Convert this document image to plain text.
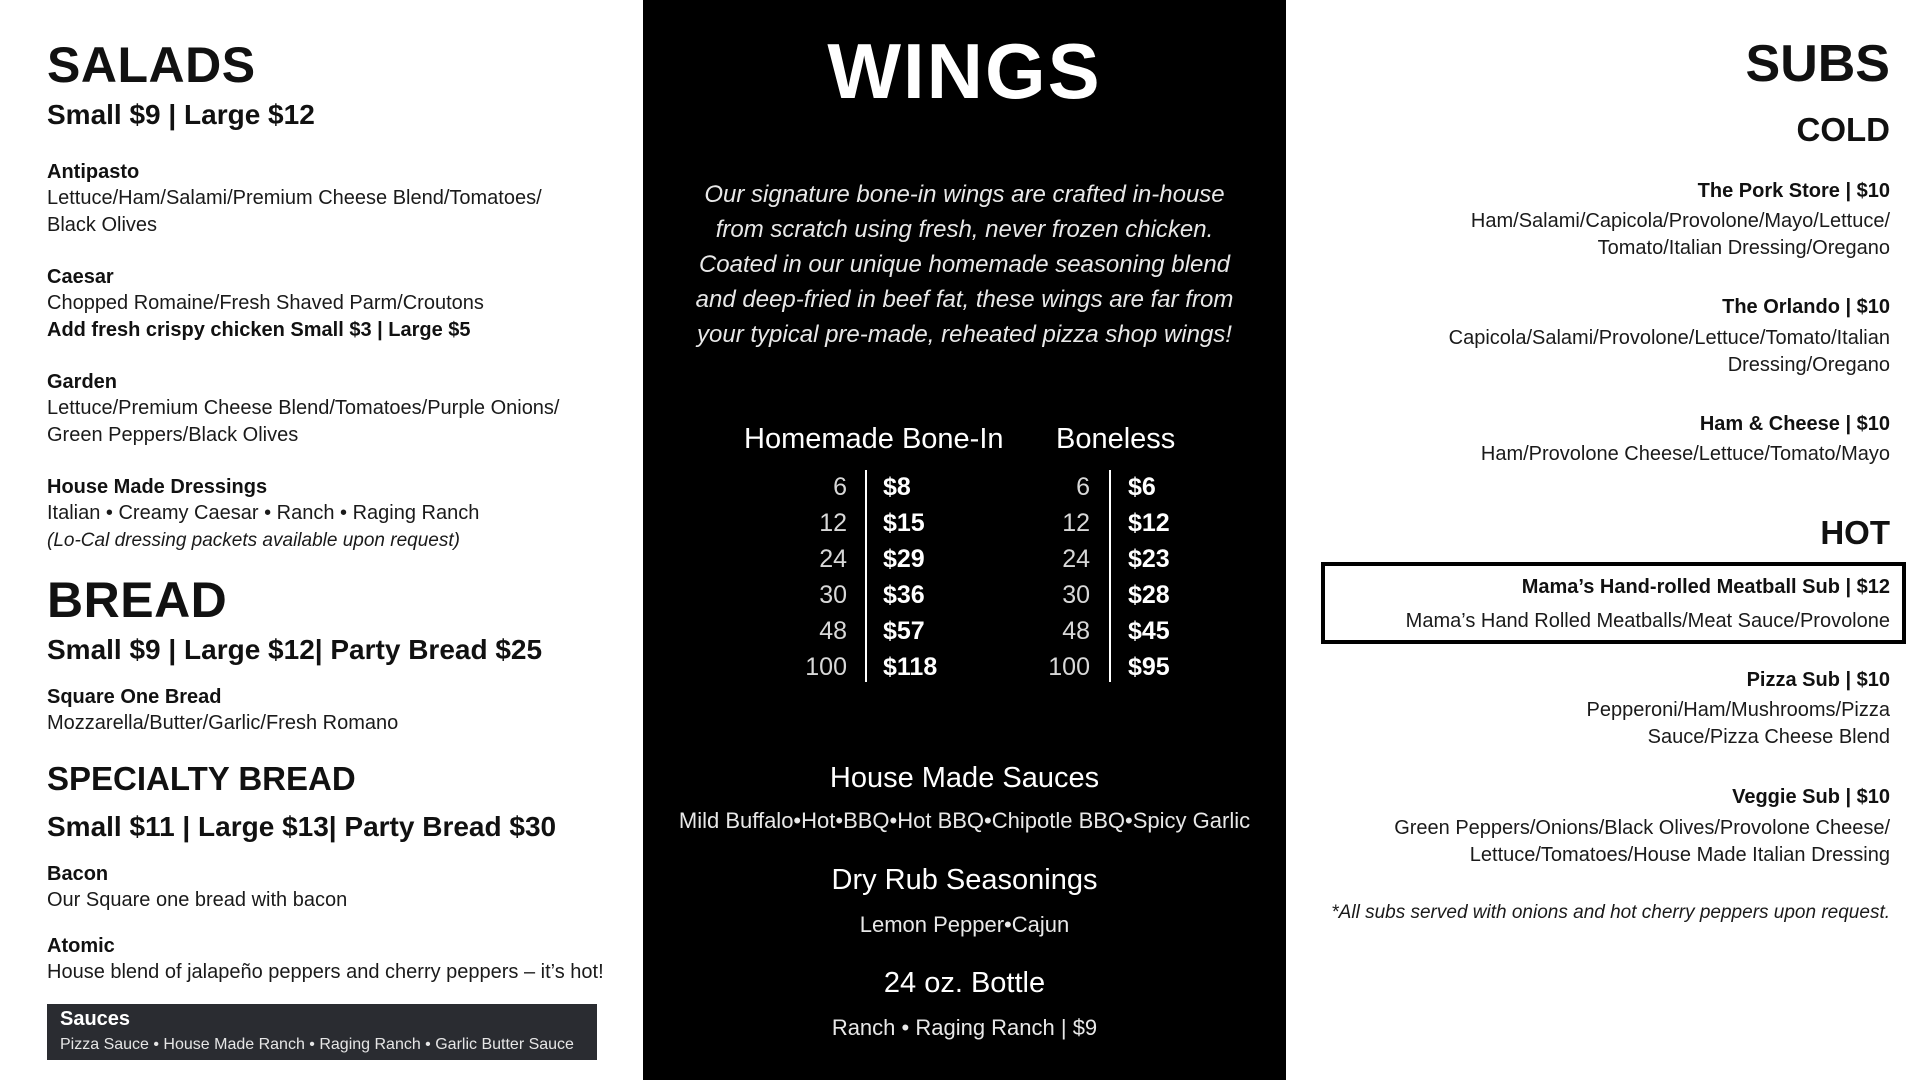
SALADS
Small $9 | Large $12
Antipasto
Lettuce/Ham/Salami/Premium Cheese Blend/Tomatoes/
Black Olives
Caesar
Chopped Romaine/Fresh Shaved Parm/Croutons
Add fresh crispy chicken Small $3 | Large $5
Garden
Lettuce/Premium Cheese Blend/Tomatoes/Purple Onions/
Green Peppers/Black Olives
House Made Dressings
Italian • Creamy Caesar • Ranch • Raging Ranch
(Lo-Cal dressing packets available upon request)
BREAD
Small $9 | Large $12| Party Bread $25
Square One Bread
Mozzarella/Butter/Garlic/Fresh Romano
SPECIALTY BREAD
Small $11 | Large $13| Party Bread $30
Bacon
Our Square one bread with bacon
Atomic
House blend of jalapeño peppers and cherry peppers – it’s hot!
Sauces
Pizza Sauce • House Made Ranch • Raging Ranch • Garlic Butter Sauce
WINGS
Our signature bone-in wings are crafted in-house from scratch using fresh, never frozen chicken. Coated in our unique homemade seasoning blend and deep-fried in beef fat, these wings are far from your typical pre-made, reheated pizza shop wings!
Homemade Bone-In Boneless
6 $8
12 $15
24 $29
30 $36
48 $57
100 $118
6 $6
12 $12
24 $23
30 $28
48 $45
100 $95
House Made Sauces
Mild Buffalo•Hot•BBQ•Hot BBQ•Chipotle BBQ•Spicy Garlic
Dry Rub Seasonings
Lemon Pepper•Cajun
24 oz. Bottle
Ranch • Raging Ranch | $9
SUBS
COLD
The Pork Store | $10
Ham/Salami/Capicola/Provolone/Mayo/Lettuce/
Tomato/Italian Dressing/Oregano
The Orlando | $10
Capicola/Salami/Provolone/Lettuce/Tomato/Italian
Dressing/Oregano
Ham & Cheese | $10
Ham/Provolone Cheese/Lettuce/Tomato/Mayo
HOT
Mama’s Hand-rolled Meatball Sub | $12
Mama’s Hand Rolled Meatballs/Meat Sauce/Provolone
Pizza Sub | $10
Pepperoni/Ham/Mushrooms/Pizza
Sauce/Pizza Cheese Blend
Veggie Sub | $10
Green Peppers/Onions/Black Olives/Provolone Cheese/
Lettuce/Tomatoes/House Made Italian Dressing
*All subs served with onions and hot cherry peppers upon request.
